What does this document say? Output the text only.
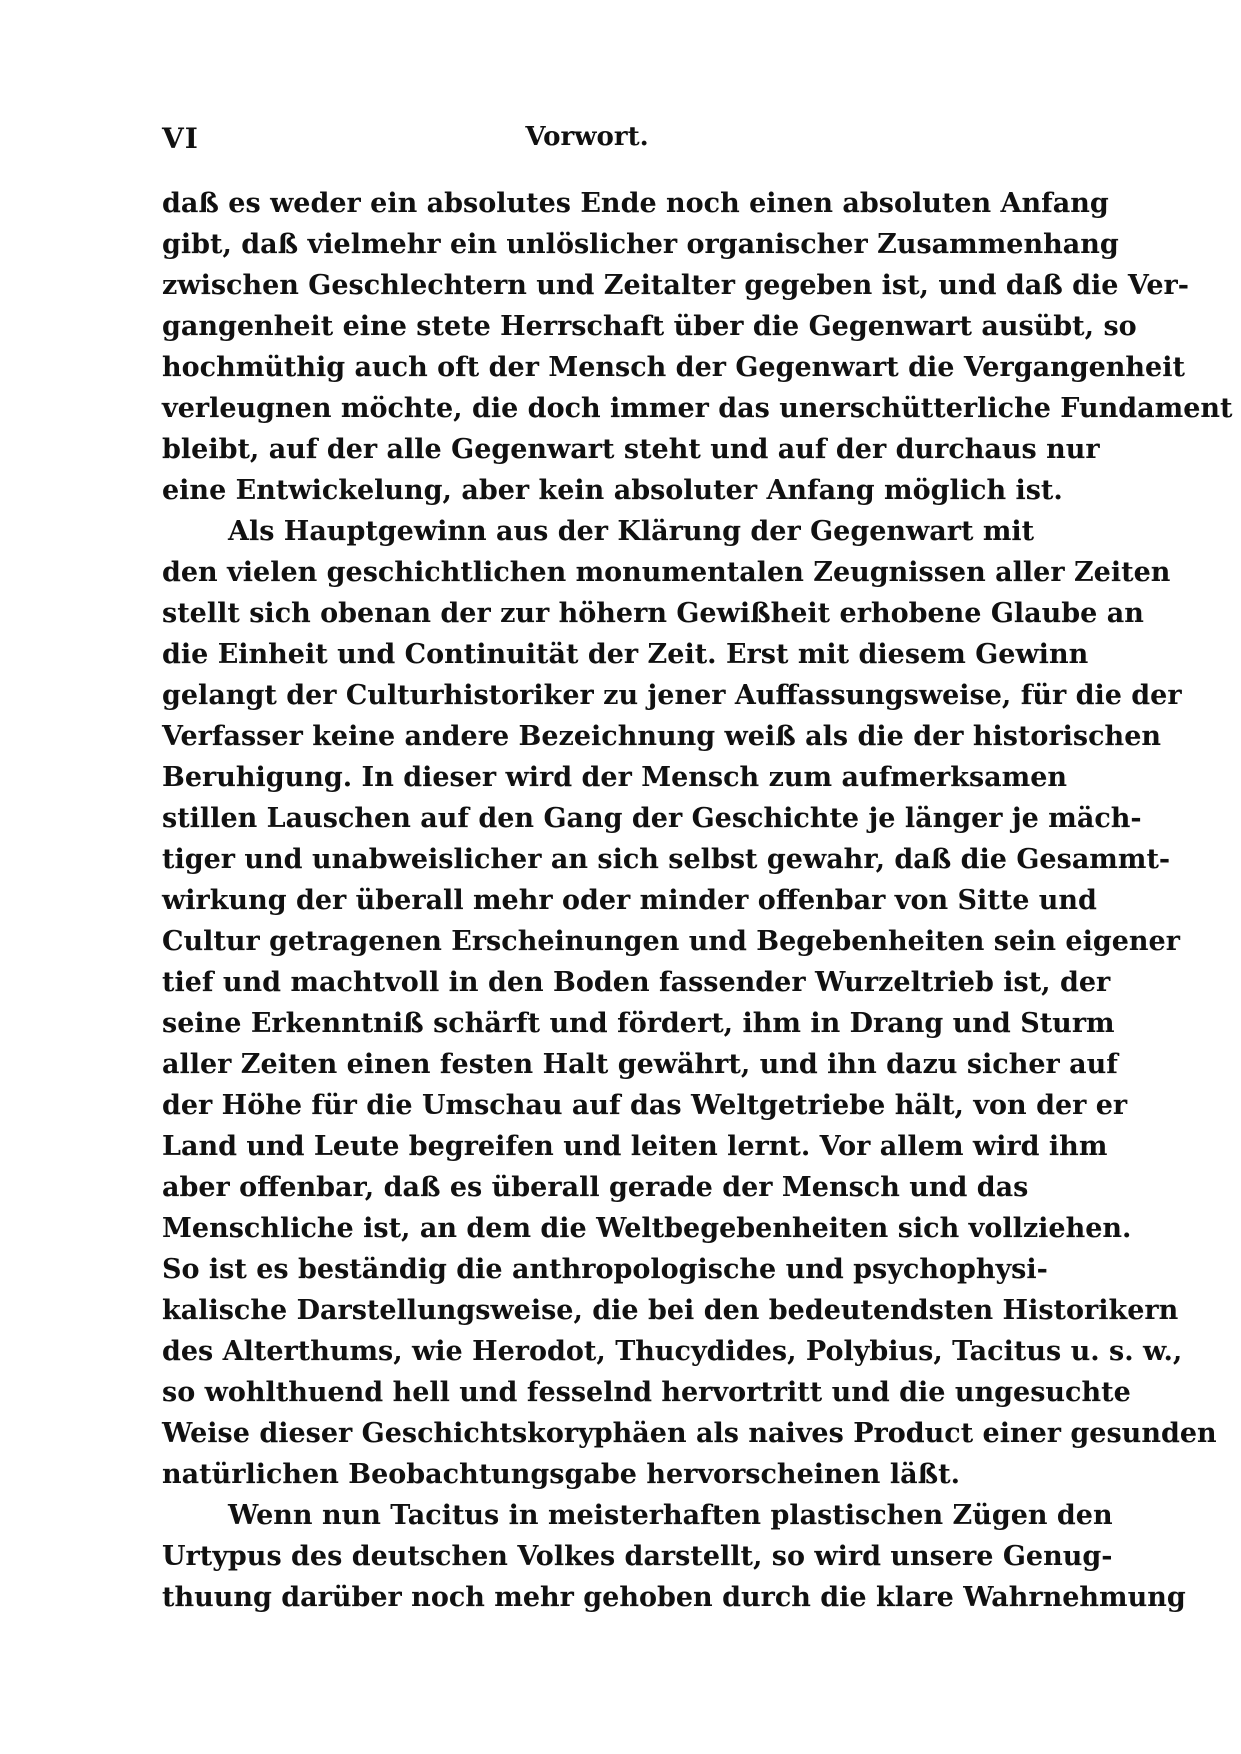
VI	Vorwort.
daß es weder ein absolutes Ende noch einen absoluten Anfang
gibt, daß vielmehr ein unlöslicher organischer Zusammenhang
zwischen Geschlechtern und Zeitalter gegeben ist, und daß die Ver-
gangenheit eine stete Herrschaft über die Gegenwart ausübt, so
hochmüthig auch oft der Mensch der Gegenwart die Vergangenheit
verleugnen möchte, die doch immer das unerschütterliche Fundament
bleibt, auf der alle Gegenwart steht und auf der durchaus nur
eine Entwickelung, aber kein absoluter Anfang möglich ist.
Als Hauptgewinn aus der Klärung der Gegenwart mit
den vielen geschichtlichen monumentalen Zeugnissen aller Zeiten
stellt sich obenan der zur höhern Gewißheit erhobene Glaube an
die Einheit und Continuität der Zeit. Erst mit diesem Gewinn
gelangt der Culturhistoriker zu jener Auffassungsweise, für die der
Verfasser keine andere Bezeichnung weiß als die der historischen
Beruhigung. In dieser wird der Mensch zum aufmerksamen
stillen Lauschen auf den Gang der Geschichte je länger je mäch-
tiger und unabweislicher an sich selbst gewahr, daß die Gesammt-
wirkung der überall mehr oder minder offenbar von Sitte und
Cultur getragenen Erscheinungen und Begebenheiten sein eigener
tief und machtvoll in den Boden fassender Wurzeltrieb ist, der
seine Erkenntniß schärft und fördert, ihm in Drang und Sturm
aller Zeiten einen festen Halt gewährt, und ihn dazu sicher auf
der Höhe für die Umschau auf das Weltgetriebe hält, von der er
Land und Leute begreifen und leiten lernt. Vor allem wird ihm
aber offenbar, daß es überall gerade der Mensch und das
Menschliche ist, an dem die Weltbegebenheiten sich vollziehen.
So ist es beständig die anthropologische und psychophysi-
kalische Darstellungsweise, die bei den bedeutendsten Historikern
des Alterthums, wie Herodot, Thucydides, Polybius, Tacitus u. s. w.,
so wohlthuend hell und fesselnd hervortritt und die ungesuchte
Weise dieser Geschichtskoryphäen als naives Product einer gesunden
natürlichen Beobachtungsgabe hervorscheinen läßt.
Wenn nun Tacitus in meisterhaften plastischen Zügen den
Urtypus des deutschen Volkes darstellt, so wird unsere Genug-
thuung darüber noch mehr gehoben durch die klare Wahrnehmung
